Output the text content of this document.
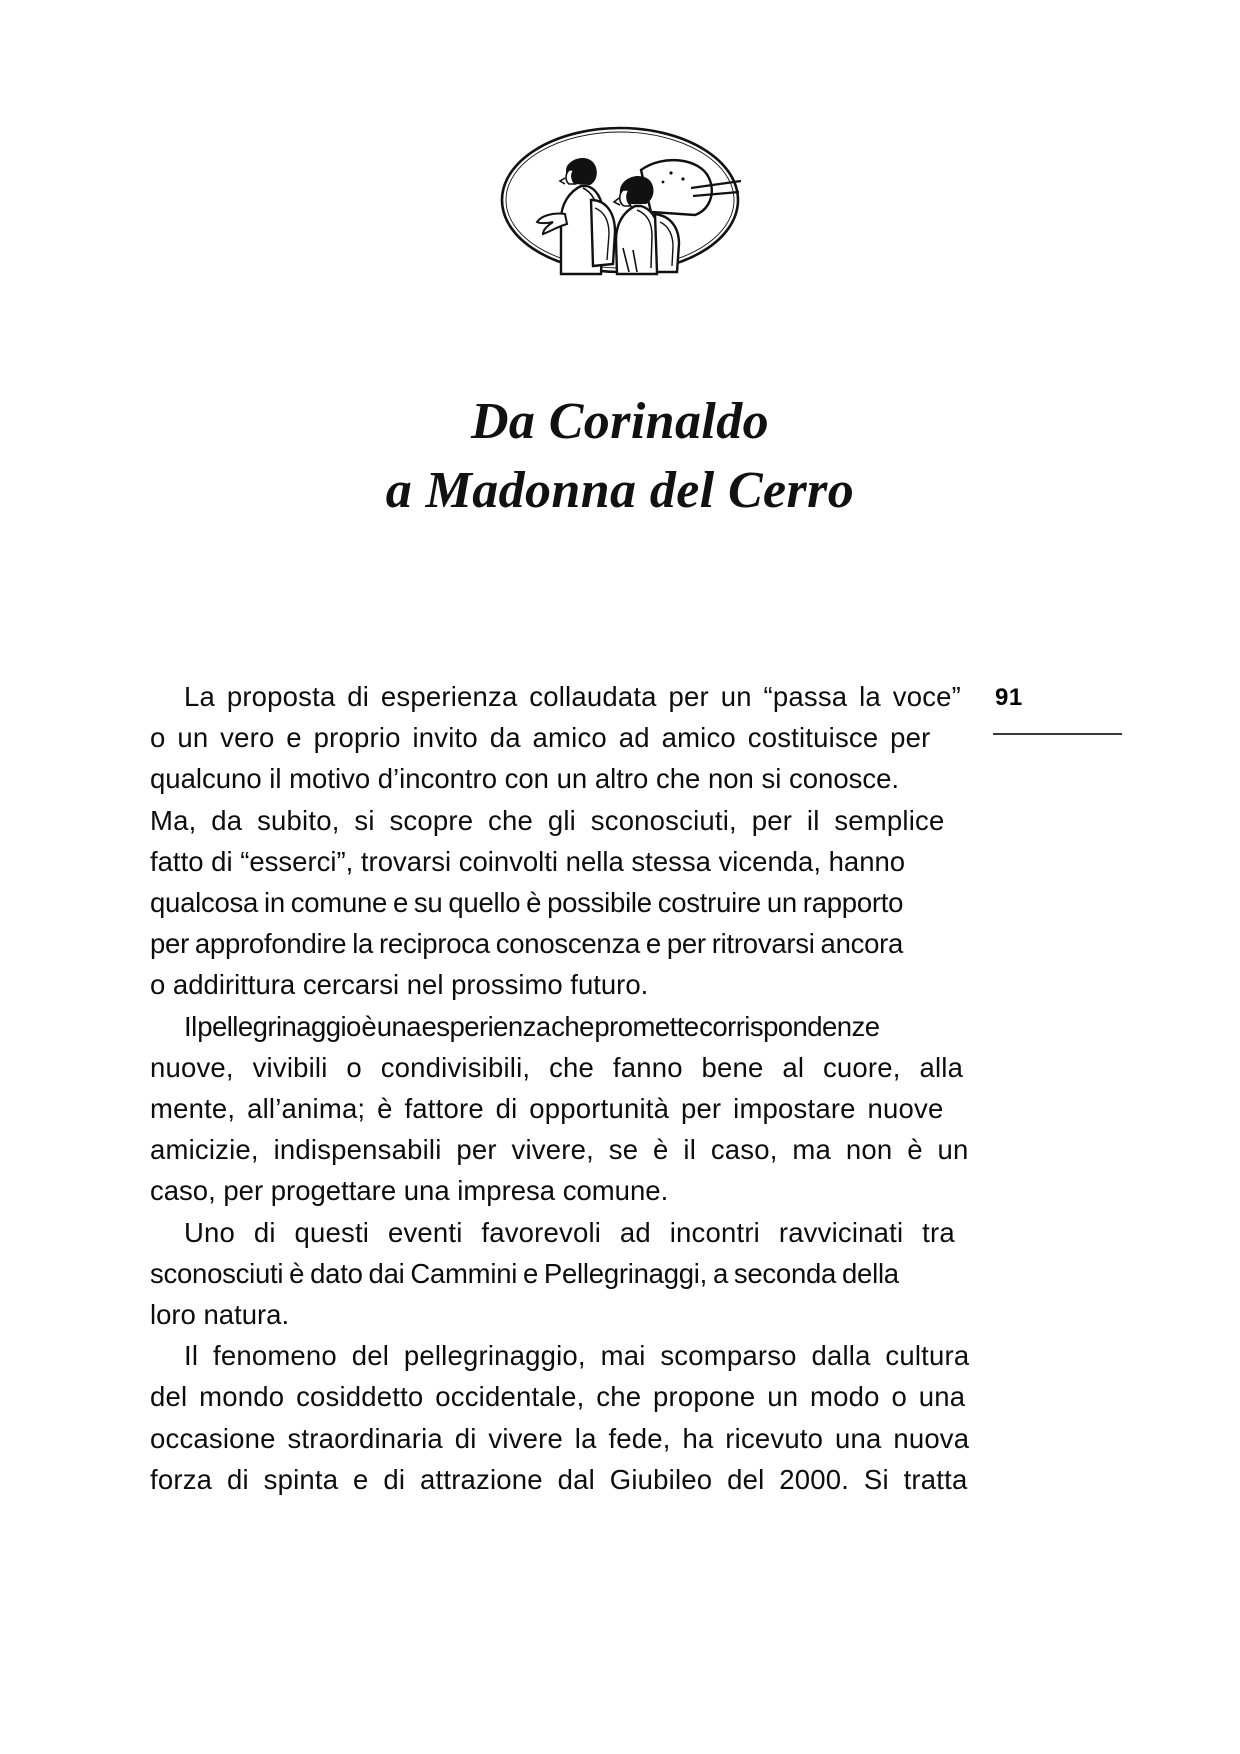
Da Corinaldo
a Madonna del Cerro
91

La proposta di esperienza collaudata per un “passa la voce”
o un vero e proprio invito da amico ad amico costituisce per
qualcuno il motivo d’incontro con un altro che non si conosce.
Ma, da subito, si scopre che gli sconosciuti, per il semplice
fatto di “esserci”, trovarsi coinvolti nella stessa vicenda, hanno
qualcosa in comune e su quello è possibile costruire un rapporto
per approfondire la reciproca conoscenza e per ritrovarsi ancora
o addirittura cercarsi nel prossimo futuro.

Il pellegrinaggio è una esperienza che promette corrispondenze
nuove, vivibili o condivisibili, che fanno bene al cuore, alla
mente, all’anima; è fattore di opportunità per impostare nuove
amicizie, indispensabili per vivere, se è il caso, ma non è un
caso, per progettare una impresa comune.

Uno di questi eventi favorevoli ad incontri ravvicinati tra
sconosciuti è dato dai Cammini e Pellegrinaggi, a seconda della
loro natura.

Il fenomeno del pellegrinaggio, mai scomparso dalla cultura
del mondo cosiddetto occidentale, che propone un modo o una
occasione straordinaria di vivere la fede, ha ricevuto una nuova
forza di spinta e di attrazione dal Giubileo del 2000. Si tratta
